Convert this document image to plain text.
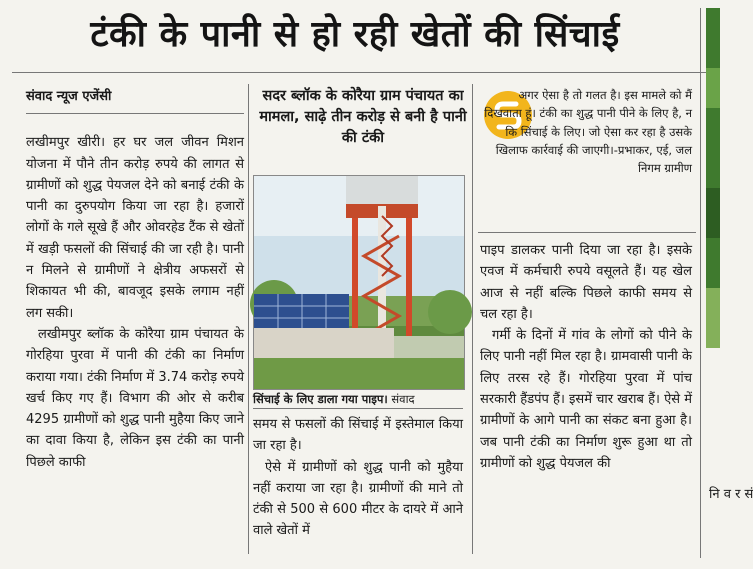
टंकी के पानी से हो रही खेतों की सिंचाई
संवाद न्यूज एजेंसी

लखीमपुर खीरी। हर घर जल जीवन मिशन योजना में पौने तीन करोड़ रुपये की लागत से ग्रामीणों को शुद्ध पेयजल देने को बनाई टंकी के पानी का दुरुपयोग किया जा रहा है। हजारों लोगों के गले सूखे हैं और ओवरहेड टैंक से खेतों में खड़ी फसलों की सिंचाई की जा रही है। पानी न मिलने से ग्रामीणों ने क्षेत्रीय अफसरों से शिकायत भी की, बावजूद इसके लगाम नहीं लग सकी।

लखीमपुर ब्लॉक के कोरैया ग्राम पंचायत के गोरहिया पुरवा में पानी की टंकी का निर्माण कराया गया। टंकी निर्माण में 3.74 करोड़ रुपये खर्च किए गए हैं। विभाग की ओर से करीब 4295 ग्रामीणों को शुद्ध पानी मुहैया किए जाने का दावा किया है, लेकिन इस टंकी का पानी पिछले काफी

सदर ब्लॉक के कोरैया ग्राम पंचायत का मामला, साढ़े तीन करोड़ से बनी है पानी की टंकी
सिंचाई के लिए डाला गया पाइप। संवाद

समय से फसलों की सिंचाई में इस्तेमाल किया जा रहा है।

ऐसे में ग्रामीणों को शुद्ध पानी को मुहैया नहीं कराया जा रहा है। ग्रामीणों की माने तो टंकी से 500 से 600 मीटर के दायरे में आने वाले खेतों में

अगर ऐसा है तो गलत है। इस मामले को मैं दिखवाता हूं। टंकी का शुद्ध पानी पीने के लिए है, न कि सिंचाई के लिए। जो ऐसा कर रहा है उसके खिलाफ कार्रवाई की जाएगी।-प्रभाकर, एई, जल निगम ग्रामीण

पाइप डालकर पानी दिया जा रहा है। इसके एवज में कर्मचारी रुपये वसूलते हैं। यह खेल आज से नहीं बल्कि पिछले काफी समय से चल रहा है।

गर्मी के दिनों में गांव के लोगों को पीने के लिए पानी नहीं मिल रहा है। ग्रामवासी पानी के लिए तरस रहे हैं। गोरहिया पुरवा में पांच सरकारी हैंडपंप हैं। इसमें चार खराब हैं। ऐसे में ग्रामीणों के आगे पानी का संकट बना हुआ है। जब पानी टंकी का निर्माण शुरू हुआ था तो ग्रामीणों को शुद्ध पेयजल की

नि व र सं
